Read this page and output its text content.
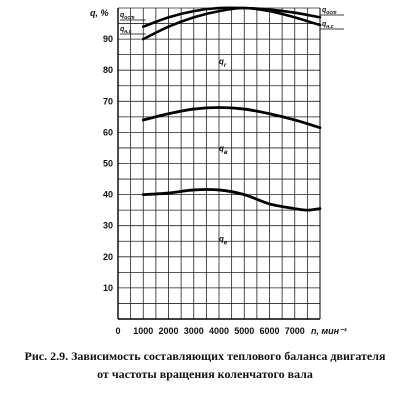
10
20
30
40
50
60
70
80
90
0 1000 2000 3000 4000 5000 6000 7000
q, %
n, мин⁻¹
$q_r$
$q_в$
$q_e$
$q_{ост}$
$q_{н.с}$
$q_{ост}$
$q_{н.с}$
Рис. 2.9. Зависимость составляющих теплового баланса двигателя от частоты вращения коленчатого вала
